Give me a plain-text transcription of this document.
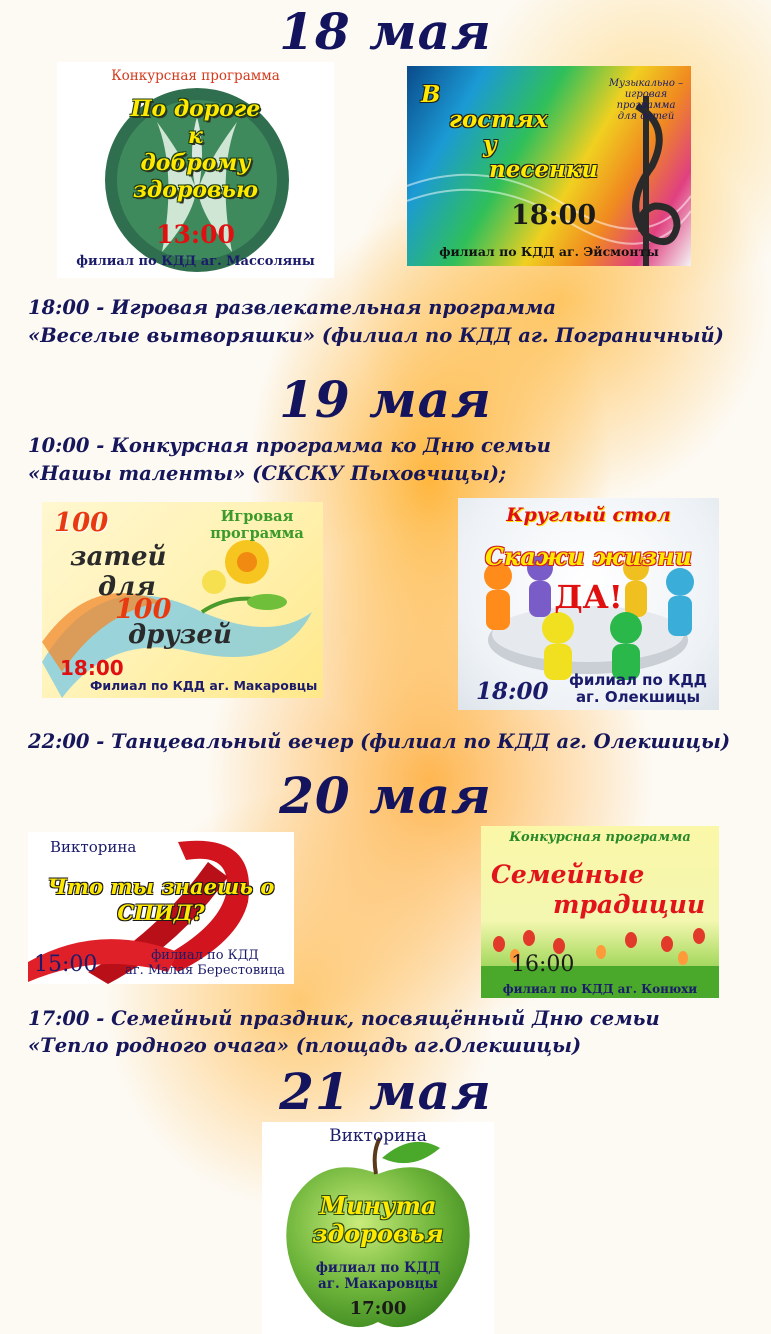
18 мая
Конкурсная программа
По дороге
к
доброму
здоровью
13:00
филиал по КДД аг. Массоляны
В
гостях
у
песенки
Музыкально –
игровая
программа
для детей
18:00
филиал по КДД аг. Эйсмонты
18:00 - Игровая развлекательная программа
«Веселые вытворяшки» (филиал по КДД аг. Пограничный)
19 мая
10:00 - Конкурсная программа ко Дню семьи
«Нашы таленты» (СКСКУ Пыховчицы);
100
затей
для
100
друзей
Игровая
программа
18:00
Филиал по КДД аг. Макаровцы
Круглый стол
Скажи жизни
ДА!
18:00	филиал по КДД
аг. Олекшицы
22:00 - Танцевальный вечер (филиал по КДД аг. Олекшицы)
20 мая
Викторина
Что ты знаешь о
СПИД?
15:00	филиал по КДД
аг. Малая Берестовица
Конкурсная программа
Семейные
традиции
16:00
филиал по КДД аг. Конюхи
17:00 - Семейный праздник, посвящённый Дню семьи
«Тепло родного очага» (площадь аг.Олекшицы)
21 мая
Викторина
Минута
здоровья
филиал по КДД
аг. Макаровцы
17:00
